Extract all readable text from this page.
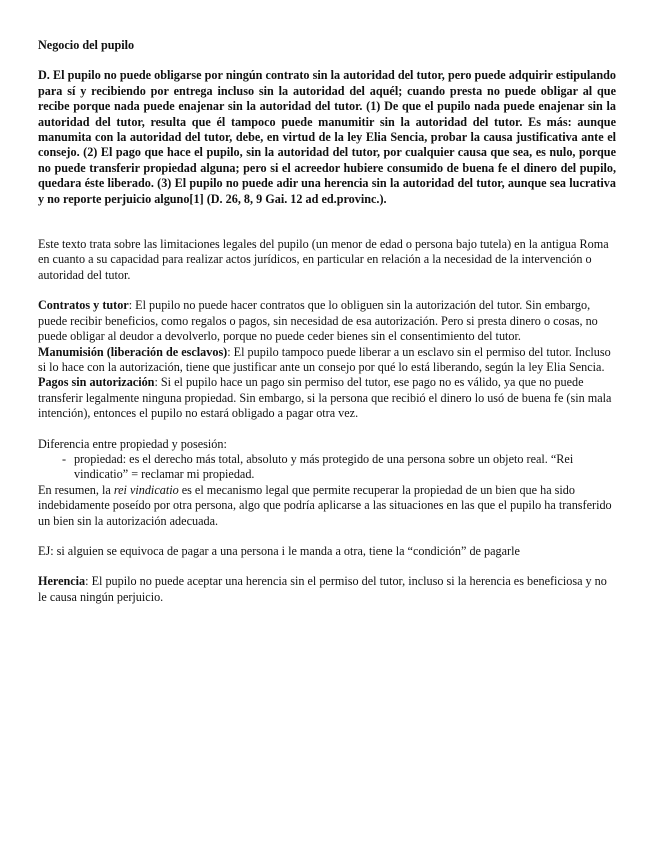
Negocio del pupilo

D. El pupilo no puede obligarse por ningún contrato sin la autoridad del tutor, pero puede adquirir estipulando para sí y recibiendo por entrega incluso sin la autoridad del aquél; cuando presta no puede obligar al que recibe porque nada puede enajenar sin la autoridad del tutor. (1) De que el pupilo nada puede enajenar sin la autoridad del tutor, resulta que él tampoco puede manumitir sin la autoridad del tutor. Es más: aunque manumita con la autoridad del tutor, debe, en virtud de la ley Elia Sencia, probar la causa justificativa ante el consejo. (2) El pago que hace el pupilo, sin la autoridad del tutor, por cualquier causa que sea, es nulo, porque no puede transferir propiedad alguna; pero si el acreedor hubiere consumido de buena fe el dinero del pupilo, quedara éste liberado. (3) El pupilo no puede adir una herencia sin la autoridad del tutor, aunque sea lucrativa y no reporte perjuicio alguno[1] (D. 26, 8, 9 Gai. 12 ad ed.provinc.).

Este texto trata sobre las limitaciones legales del pupilo (un menor de edad o persona bajo tutela) en la antigua Roma en cuanto a su capacidad para realizar actos jurídicos, en particular en relación a la necesidad de la intervención o autoridad del tutor.

Contratos y tutor: El pupilo no puede hacer contratos que lo obliguen sin la autorización del tutor. Sin embargo, puede recibir beneficios, como regalos o pagos, sin necesidad de esa autorización. Pero si presta dinero o cosas, no puede obligar al deudor a devolverlo, porque no puede ceder bienes sin el consentimiento del tutor.

Manumisión (liberación de esclavos): El pupilo tampoco puede liberar a un esclavo sin el permiso del tutor. Incluso si lo hace con la autorización, tiene que justificar ante un consejo por qué lo está liberando, según la ley Elia Sencia.

Pagos sin autorización: Si el pupilo hace un pago sin permiso del tutor, ese pago no es válido, ya que no puede transferir legalmente ninguna propiedad. Sin embargo, si la persona que recibió el dinero lo usó de buena fe (sin mala intención), entonces el pupilo no estará obligado a pagar otra vez.

Diferencia entre propiedad y posesión:

- propiedad: es el derecho más total, absoluto y más protegido de una persona sobre un objeto real. “Rei vindicatio” = reclamar mi propiedad.

En resumen, la rei vindicatio es el mecanismo legal que permite recuperar la propiedad de un bien que ha sido indebidamente poseído por otra persona, algo que podría aplicarse a las situaciones en las que el pupilo ha transferido un bien sin la autorización adecuada.

EJ: si alguien se equivoca de pagar a una persona i le manda a otra, tiene la “condición” de pagarle

Herencia: El pupilo no puede aceptar una herencia sin el permiso del tutor, incluso si la herencia es beneficiosa y no le causa ningún perjuicio.
